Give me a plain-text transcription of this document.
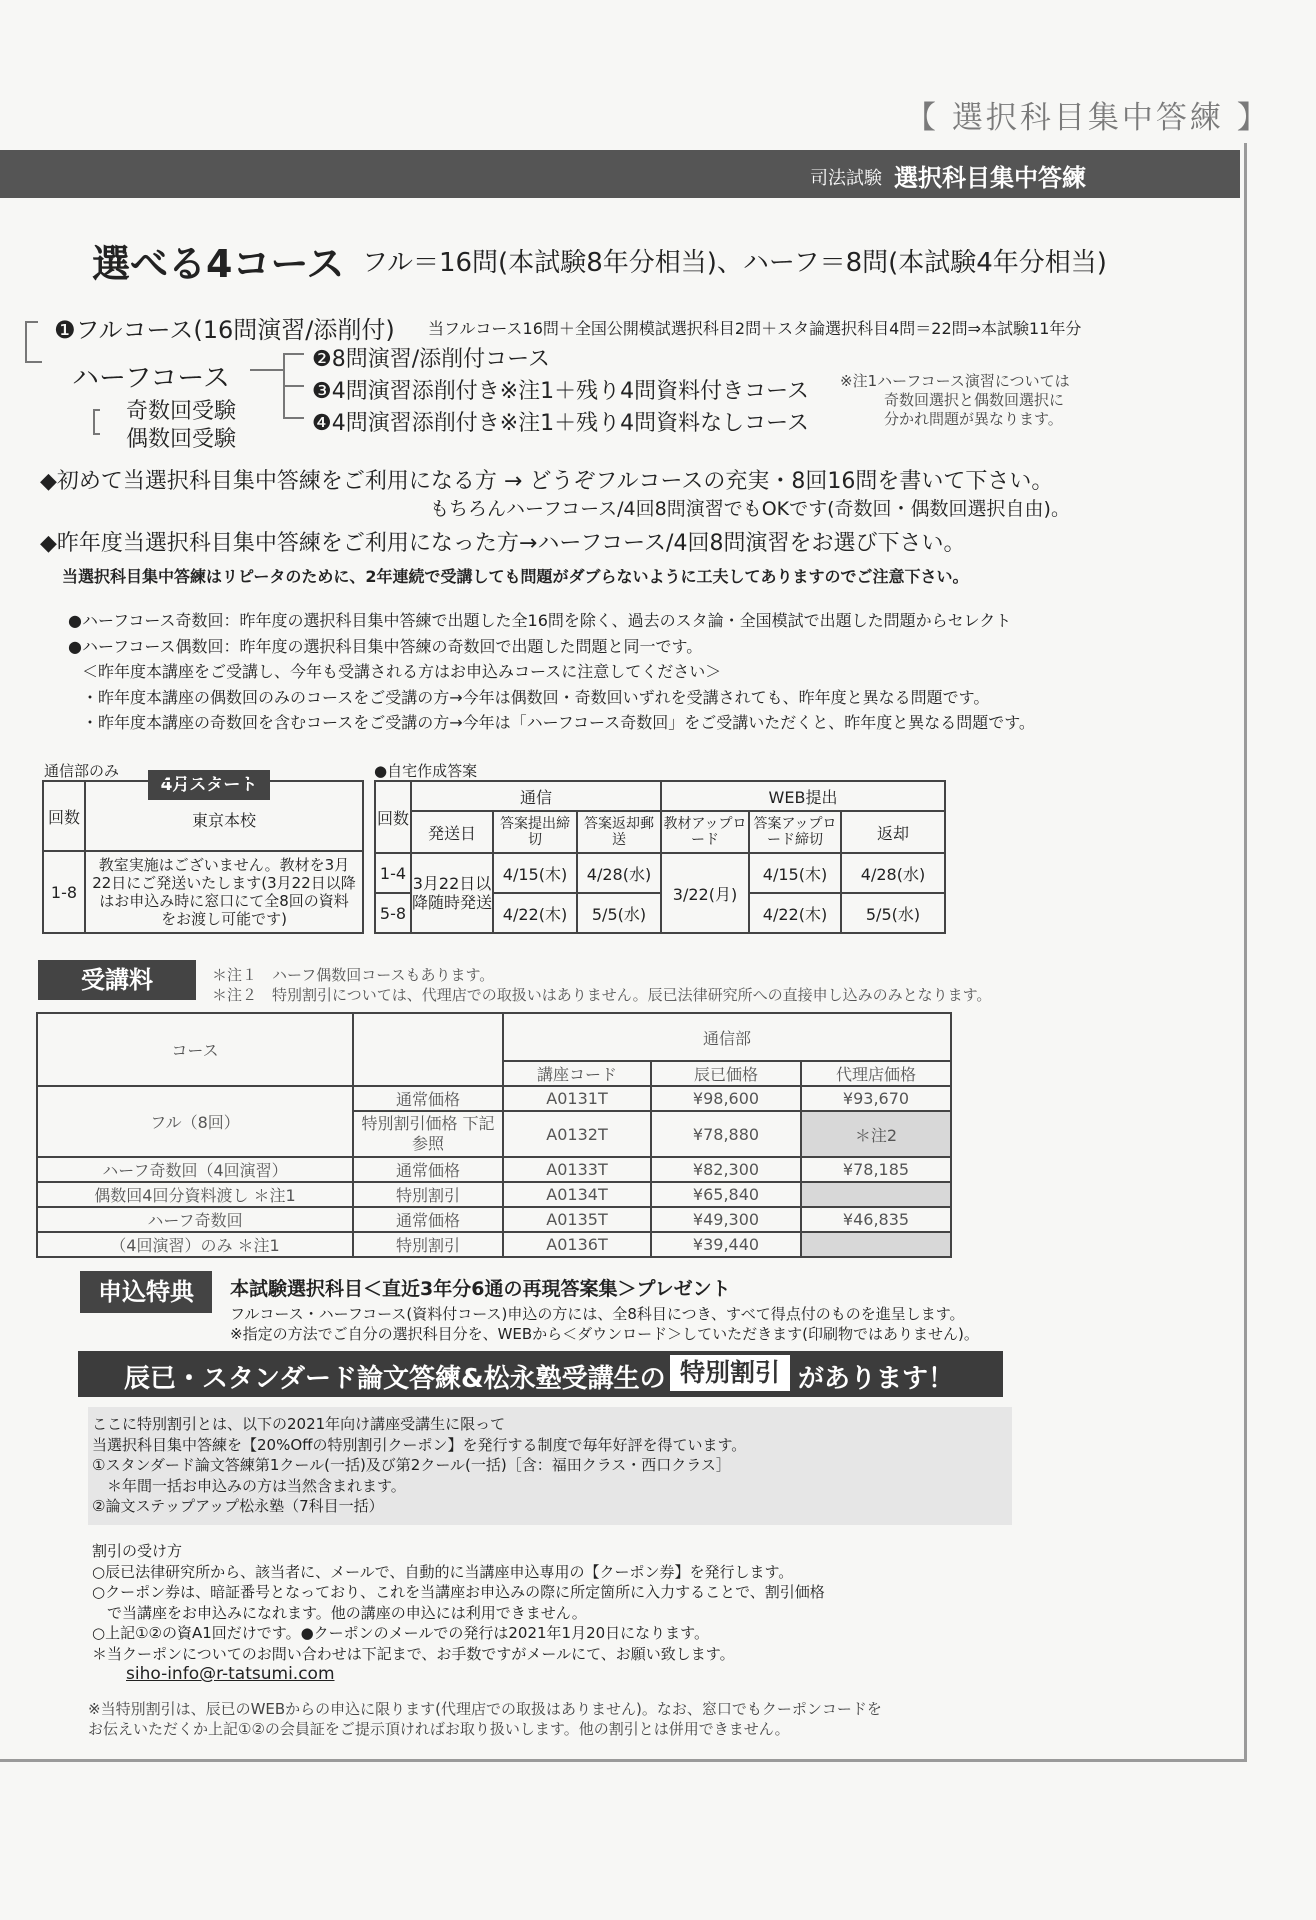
【 選択科目集中答練 】
司法試験 選択科目集中答練
選べる4コース フル＝16問(本試験8年分相当)、ハーフ＝8問(本試験4年分相当)
❶フルコース(16問演習/添削付) 当フルコース16問＋全国公開模試選択科目2問＋スタ論選択科目4問＝22問⇒本試験11年分
ハーフコース
奇数回受験
偶数回受験
❷8問演習/添削付コース
❸4問演習添削付き※注1＋残り4問資料付きコース
❹4問演習添削付き※注1＋残り4問資料なしコース
※注1ハーフコース演習については
奇数回選択と偶数回選択に
分かれ問題が異なります。
◆初めて当選択科目集中答練をご利用になる方 → どうぞフルコースの充実・8回16問を書いて下さい。
もちろんハーフコース/4回8問演習でもOKです(奇数回・偶数回選択自由)。
◆昨年度当選択科目集中答練をご利用になった方→ハーフコース/4回8問演習をお選び下さい。
当選択科目集中答練はリピータのために、2年連続で受講しても問題がダブらないように工夫してありますのでご注意下さい。
●ハーフコース奇数回：昨年度の選択科目集中答練で出題した全16問を除く、過去のスタ論・全国模試で出題した問題からセレクト
●ハーフコース偶数回：昨年度の選択科目集中答練の奇数回で出題した問題と同一です。
＜昨年度本講座をご受講し、今年も受講される方はお申込みコースに注意してください＞
・昨年度本講座の偶数回のみのコースをご受講の方→今年は偶数回・奇数回いずれを受講されても、昨年度と異なる問題です。
・昨年度本講座の奇数回を含むコースをご受講の方→今年は「ハーフコース奇数回」をご受講いただくと、昨年度と異なる問題です。
通信部のみ
4月スタート
回数	東京本校
1-8	教室実施はございません。教材を3月22日にご発送いたします(3月22日以降はお申込み時に窓口にて全8回の資料をお渡し可能です)
●自宅作成答案
回数	通信			WEB提出		
	発送日	答案提出締切	答案返却郵送	教材アップロード	答案アップロード締切	返却
1-4	3月22日以降随時発送	4/15(木)	4/28(水)	3/22(月)	4/15(木)	4/28(水)
5-8		4/22(木)	5/5(水)		4/22(木)	5/5(水)
受講料	＊注１　ハーフ偶数回コースもあります。
＊注２　特別割引については、代理店での取扱いはありません。辰已法律研究所への直接申し込みのみとなります。
コース		通信部		
		講座コード	辰已価格	代理店価格
フル（8回）	通常価格	A0131T	¥98,600	¥93,670
	特別割引価格 下記参照	A0132T	¥78,880	＊注2
ハーフ奇数回（4回演習）	通常価格	A0133T	¥82,300	¥78,185
偶数回4回分資料渡し ＊注1	特別割引	A0134T	¥65,840	
ハーフ奇数回	通常価格	A0135T	¥49,300	¥46,835
（4回演習）のみ ＊注1	特別割引	A0136T	¥39,440	
申込特典	本試験選択科目＜直近3年分6通の再現答案集＞プレゼント
フルコース・ハーフコース(資料付コース)申込の方には、全8科目につき、すべて得点付のものを進呈します。
※指定の方法でご自分の選択科目分を、WEBから＜ダウンロード＞していただきます(印刷物ではありません)。
辰已・スタンダード論文答練&松永塾受講生の 特別割引 があります！
ここに特別割引とは、以下の2021年向け講座受講生に限って
当選択科目集中答練を【20%Offの特別割引クーポン】を発行する制度で毎年好評を得ています。
①スタンダード論文答練第1クール(一括)及び第2クール(一括)［含：福田クラス・西口クラス］
　＊年間一括お申込みの方は当然含まれます。
②論文ステップアップ松永塾（7科目一括）
割引の受け方
○辰已法律研究所から、該当者に、メールで、自動的に当講座申込専用の【クーポン券】を発行します。
○クーポン券は、暗証番号となっており、これを当講座お申込みの際に所定箇所に入力することで、割引価格
　で当講座をお申込みになれます。他の講座の申込には利用できません。
○上記①②の資A1回だけです。●クーポンのメールでの発行は2021年1月20日になります。
＊当クーポンについてのお問い合わせは下記まで、お手数ですがメールにて、お願い致します。
siho-info@r-tatsumi.com
※当特別割引は、辰已のWEBからの申込に限ります(代理店での取扱はありません)。なお、窓口でもクーポンコードを
お伝えいただくか上記①②の会員証をご提示頂ければお取り扱いします。他の割引とは併用できません。
